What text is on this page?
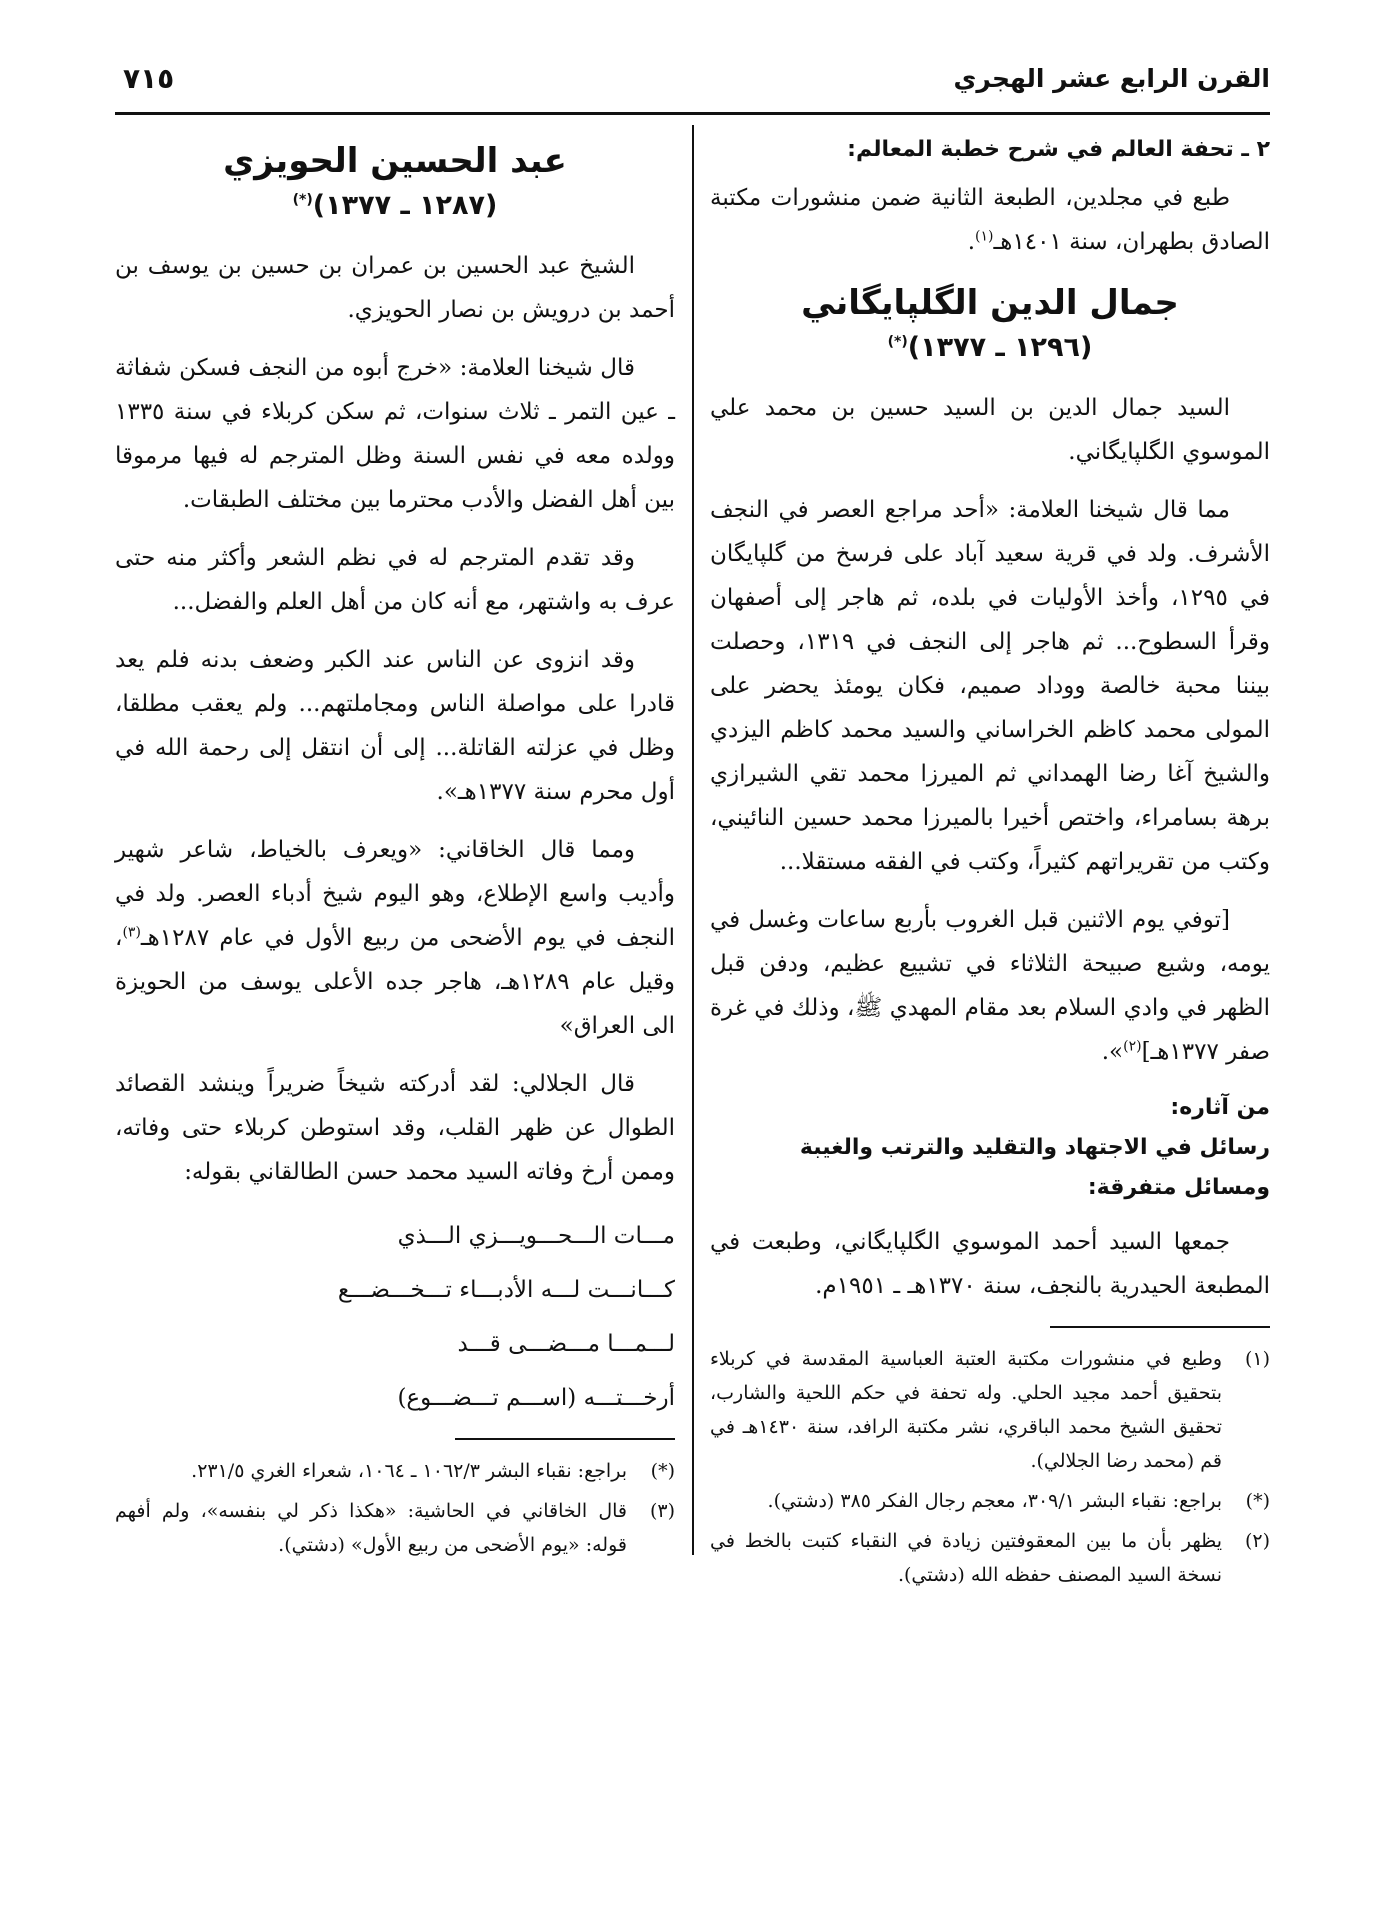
القرن الرابع عشر الهجري
٧١٥

٢ ـ تحفة العالم في شرح خطبة المعالم:

طبع في مجلدين، الطبعة الثانية ضمن منشورات مكتبة الصادق بطهران، سنة ١٤٠١هـ$^{(١)}$.

جمال الدين الگلپايگاني
(١٢٩٦ ـ ١٣٧٧)(*)

السيد جمال الدين بن السيد حسين بن محمد علي الموسوي الگلپايگاني.

مما قال شيخنا العلامة: «أحد مراجع العصر في النجف الأشرف. ولد في قرية سعيد آباد على فرسخ من گلپايگان في ١٢٩٥، وأخذ الأوليات في بلده، ثم هاجر إلى أصفهان وقرأ السطوح... ثم هاجر إلى النجف في ١٣١٩، وحصلت بيننا محبة خالصة ووداد صميم، فكان يومئذ يحضر على المولى محمد كاظم الخراساني والسيد محمد كاظم اليزدي والشيخ آغا رضا الهمداني ثم الميرزا محمد تقي الشيرازي برهة بسامراء، واختص أخيرا بالميرزا محمد حسين النائيني، وكتب من تقريراتهم كثيراً، وكتب في الفقه مستقلا...

[توفي يوم الاثنين قبل الغروب بأربع ساعات وغسل في يومه، وشيع صبيحة الثلاثاء في تشييع عظيم، ودفن قبل الظهر في وادي السلام بعد مقام المهدي ﷺ، وذلك في غرة صفر ١٣٧٧هـ]$^{(٢)}$».

من آثاره:
رسائل في الاجتهاد والتقليد والترتب والغيبة ومسائل متفرقة:

جمعها السيد أحمد الموسوي الگلپايگاني، وطبعت في المطبعة الحيدرية بالنجف، سنة ١٣٧٠هـ ـ ١٩٥١م.

(١)
وطبع في منشورات مكتبة العتبة العباسية المقدسة في كربلاء بتحقيق أحمد مجيد الحلي. وله تحفة في حكم اللحية والشارب، تحقيق الشيخ محمد الباقري، نشر مكتبة الرافد، سنة ١٤٣٠هـ في قم (محمد رضا الجلالي).
(*)
براجع: نقباء البشر ٣٠٩/١، معجم رجال الفكر ٣٨٥ (دشتي).
(٢)
يظهر بأن ما بين المعقوفتين زيادة في النقباء كتبت بالخط في نسخة السيد المصنف حفظه الله (دشتي).
عبد الحسين الحويزي
(١٢٨٧ ـ ١٣٧٧)(*)

الشيخ عبد الحسين بن عمران بن حسين بن يوسف بن أحمد بن درويش بن نصار الحويزي.

قال شيخنا العلامة: «خرج أبوه من النجف فسكن شفاثة ـ عين التمر ـ ثلاث سنوات، ثم سكن كربلاء في سنة ١٣٣٥ وولده معه في نفس السنة وظل المترجم له فيها مرموقا بين أهل الفضل والأدب محترما بين مختلف الطبقات.

وقد تقدم المترجم له في نظم الشعر وأكثر منه حتى عرف به واشتهر، مع أنه كان من أهل العلم والفضل...

وقد انزوى عن الناس عند الكبر وضعف بدنه فلم يعد قادرا على مواصلة الناس ومجاملتهم... ولم يعقب مطلقا، وظل في عزلته القاتلة... إلى أن انتقل إلى رحمة الله في أول محرم سنة ١٣٧٧هـ».

ومما قال الخاقاني: «ويعرف بالخياط، شاعر شهير وأديب واسع الإطلاع، وهو اليوم شيخ أدباء العصر. ولد في النجف في يوم الأضحى من ربيع الأول في عام ١٢٨٧هـ$^{(٣)}$، وقيل عام ١٢٨٩هـ، هاجر جده الأعلى يوسف من الحويزة الى العراق»

قال الجلالي: لقد أدركته شيخاً ضريراً وينشد القصائد الطوال عن ظهر القلب، وقد استوطن كربلاء حتى وفاته، وممن أرخ وفاته السيد محمد حسن الطالقاني بقوله:

مـــات الـــحـــويـــزي الـــذي

كـــانـــت لـــه الأدبـــاء تـــخـــضـــع

لـــمـــا مـــضـــى قـــد

أرخـــتـــه (اســـم تـــضـــوع)

(*)
براجع: نقباء البشر ١٠٦٢/٣ ـ ١٠٦٤، شعراء الغري ٢٣١/٥.
(٣)
قال الخاقاني في الحاشية: «هكذا ذكر لي بنفسه»، ولم أفهم قوله: «يوم الأضحى من ربيع الأول» (دشتي).
